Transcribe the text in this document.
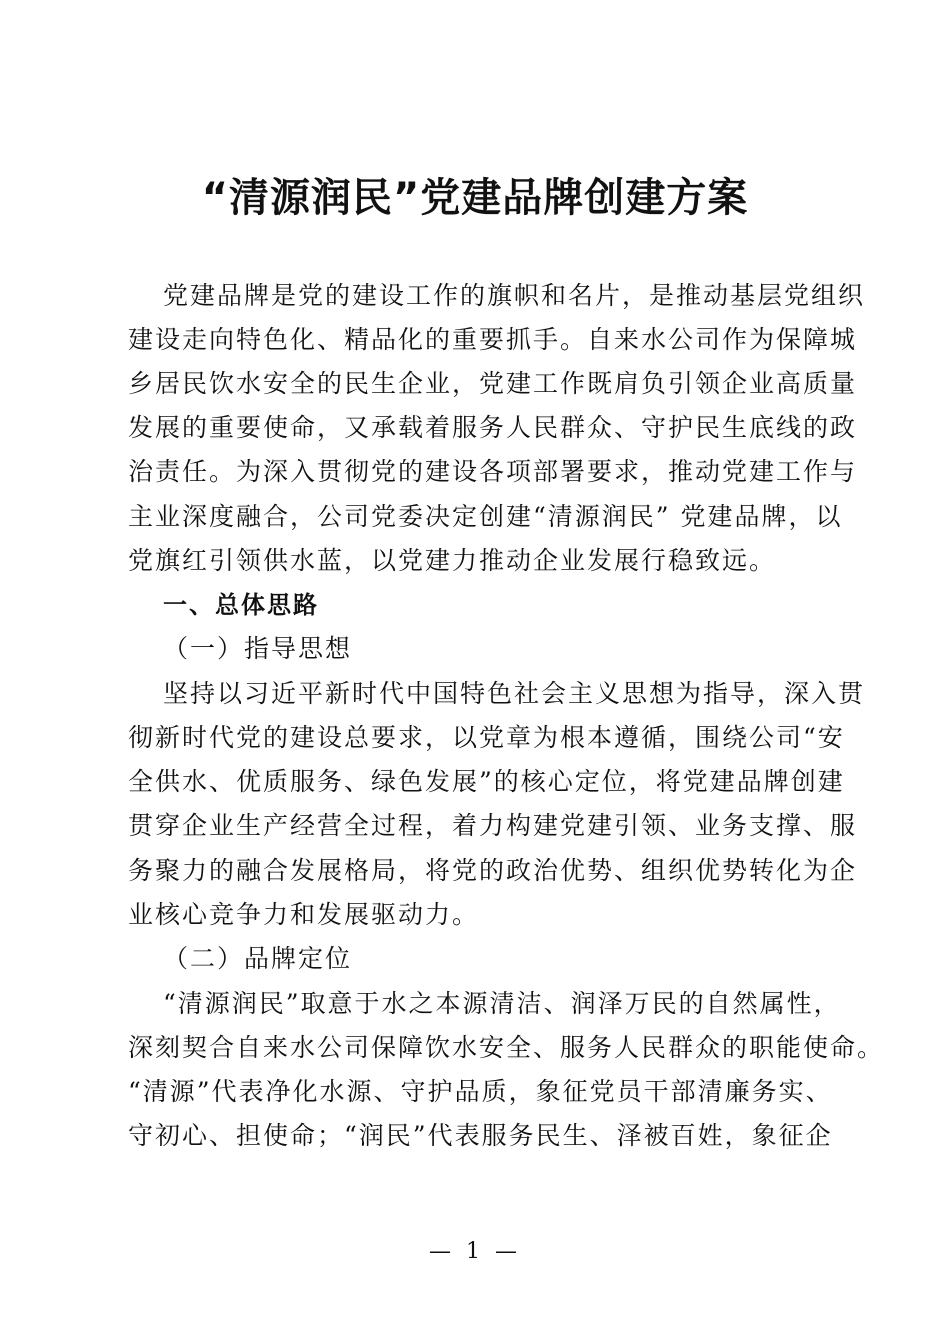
“清源润民”党建品牌创建方案
党建品牌是党的建设工作的旗帜和名片，是推动基层党组织
建设走向特色化、精品化的重要抓手。自来水公司作为保障城
乡居民饮水安全的民生企业，党建工作既肩负引领企业高质量
发展的重要使命，又承载着服务人民群众、守护民生底线的政
治责任。为深入贯彻党的建设各项部署要求，推动党建工作与
主业深度融合，公司党委决定创建“清源润民” 党建品牌，以
党旗红引领供水蓝，以党建力推动企业发展行稳致远。
一、总体思路
（一）指导思想
坚持以习近平新时代中国特色社会主义思想为指导，深入贯
彻新时代党的建设总要求，以党章为根本遵循，围绕公司“安
全供水、优质服务、绿色发展”的核心定位，将党建品牌创建
贯穿企业生产经营全过程，着力构建党建引领、业务支撑、服
务聚力的融合发展格局，将党的政治优势、组织优势转化为企
业核心竞争力和发展驱动力。
（二）品牌定位
“清源润民”取意于水之本源清洁、润泽万民的自然属性，
深刻契合自来水公司保障饮水安全、服务人民群众的职能使命。
“清源”代表净化水源、守护品质，象征党员干部清廉务实、
守初心、担使命；“润民”代表服务民生、泽被百姓，象征企
— 1 —
